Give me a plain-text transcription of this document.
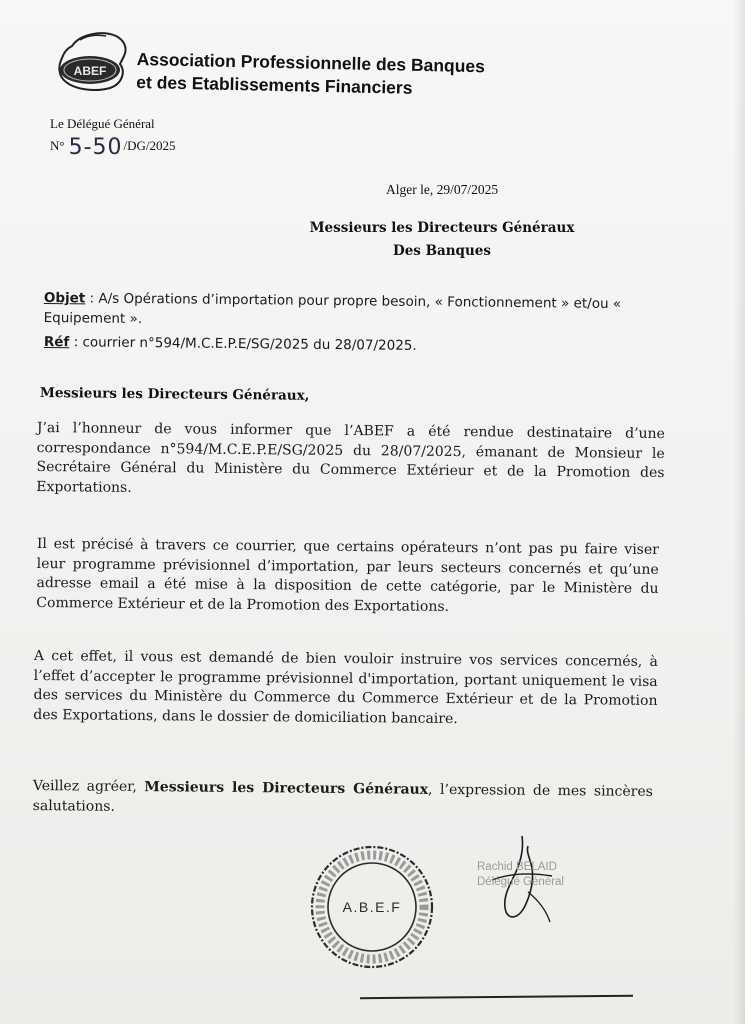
ABEF Association Professionnelle des Banques
et des Etablissements Financiers
Le Délégué Général
N° 5-50/DG/2025
Alger le, 29/07/2025
Messieurs les Directeurs Généraux
Des Banques
Objet : A/s Opérations d’importation pour propre besoin, « Fonctionnement » et/ou « Equipement ».
Réf : courrier n°594/M.C.E.P.E/SG/2025 du 28/07/2025.
Messieurs les Directeurs Généraux,
J’ai l’honneur de vous informer que l’ABEF a été rendue destinataire d’une correspondance n°594/M.C.E.P.E/SG/2025 du 28/07/2025, émanant de Monsieur le Secrétaire Général du Ministère du Commerce Extérieur et de la Promotion des Exportations.
Il est précisé à travers ce courrier, que certains opérateurs n’ont pas pu faire viser leur programme prévisionnel d’importation, par leurs secteurs concernés et qu’une adresse email a été mise à la disposition de cette catégorie, par le Ministère du Commerce Extérieur et de la Promotion des Exportations.
A cet effet, il vous est demandé de bien vouloir instruire vos services concernés, à l’effet d’accepter le programme prévisionnel d'importation, portant uniquement le visa des services du Ministère du Commerce du Commerce Extérieur et de la Promotion des Exportations, dans le dossier de domiciliation bancaire.
Veillez agréer, Messieurs les Directeurs Généraux, l’expression de mes sincères salutations.
A.B.E.F
Rachid BELAID
Délégué Général
